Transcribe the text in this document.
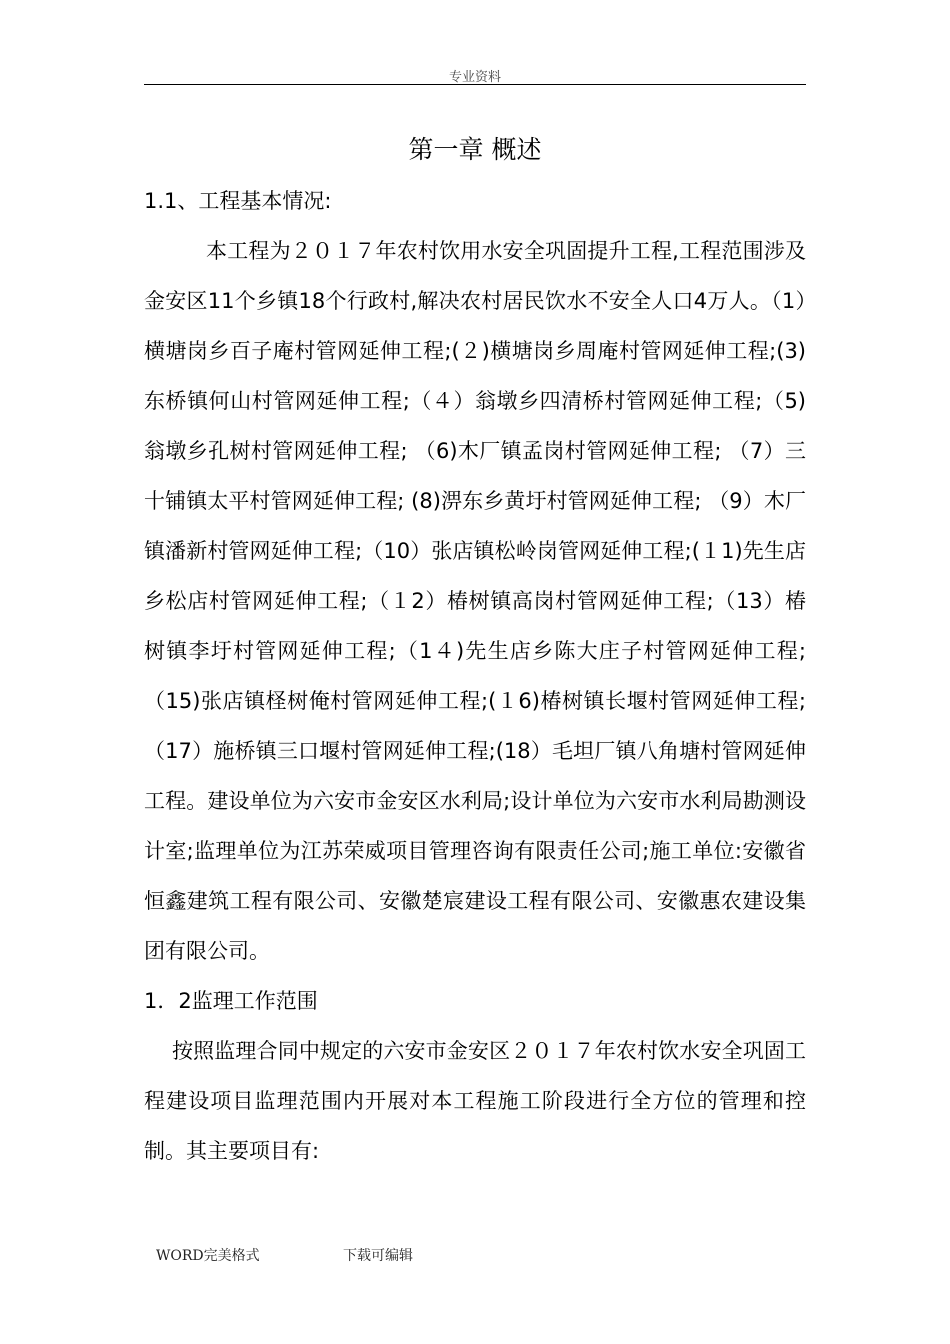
专业资料
第一章 概述

1.1、工程基本情况:

本工程为２０１７年农村饮用水安全巩固提升工程,工程范围涉及金安区11个乡镇18个行政村,解决农村居民饮水不安全人口4万人。（1）横塘岗乡百子庵村管网延伸工程;(２)横塘岗乡周庵村管网延伸工程;(3)东桥镇何山村管网延伸工程;（４）翁墩乡四清桥村管网延伸工程;（5)翁墩乡孔树村管网延伸工程; （6)木厂镇孟岗村管网延伸工程; （7）三十铺镇太平村管网延伸工程; (8)淠东乡黄圩村管网延伸工程; （9）木厂镇潘新村管网延伸工程;（10）张店镇松岭岗管网延伸工程;(１1)先生店乡松店村管网延伸工程;（１2）椿树镇高岗村管网延伸工程;（13）椿树镇李圩村管网延伸工程;（1４)先生店乡陈大庄子村管网延伸工程;（15)张店镇柽树俺村管网延伸工程;(１6)椿树镇长堰村管网延伸工程;（17）施桥镇三口堰村管网延伸工程;(18）毛坦厂镇八角塘村管网延伸工程。建设单位为六安市金安区水利局;设计单位为六安市水利局勘测设计室;监理单位为江苏荣威项目管理咨询有限责任公司;施工单位:安徽省恒鑫建筑工程有限公司、安徽楚宸建设工程有限公司、安徽惠农建设集团有限公司。

1．2监理工作范围

按照监理合同中规定的六安市金安区２０１７年农村饮水安全巩固工程建设项目监理范围内开展对本工程施工阶段进行全方位的管理和控制。其主要项目有:

WORD完美格式	下载可编辑
